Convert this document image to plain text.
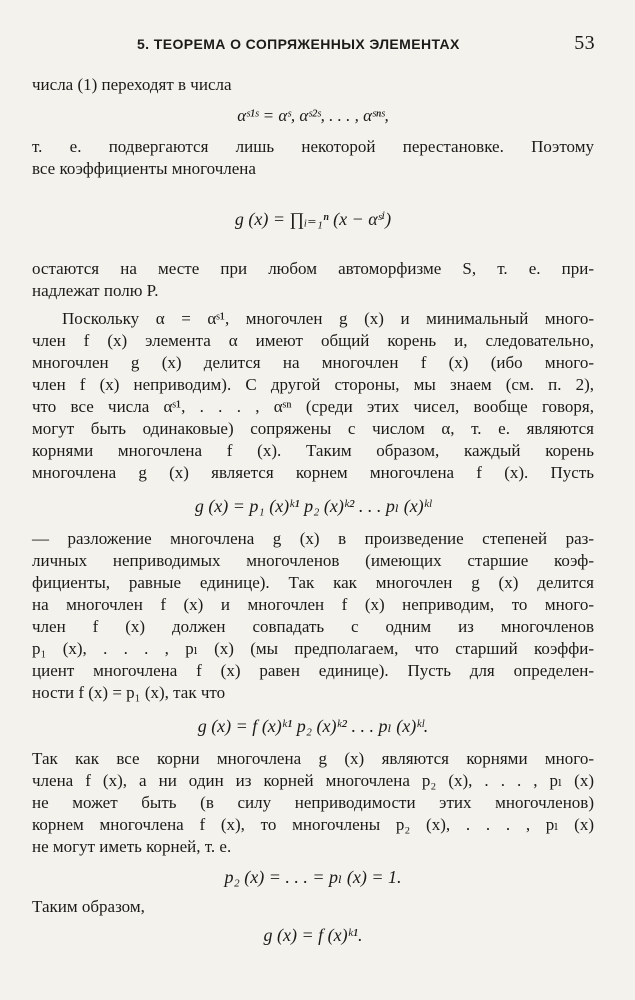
5. ТЕОРЕМА О СОПРЯЖЕННЫХ ЭЛЕМЕНТАХ	53
числа (1) переходят в числа
αˢ¹ˢ = αˢ, αˢ²ˢ, . . . , αˢⁿˢ,
т. е. подвергаются лишь некоторой перестановке. Поэтому
все коэффициенты многочлена
g (x) = ∏ᵢ₌₁ⁿ (x − αˢⁱ)
остаются на месте при любом автоморфизме S, т. е. при-
надлежат полю P.
Поскольку α = αˢ¹, многочлен g (x) и минимальный много-
член f (x) элемента α имеют общий корень и, следовательно,
многочлен g (x) делится на многочлен f (x) (ибо много-
член f (x) неприводим). С другой стороны, мы знаем (см. п. 2),
что все числа αˢ¹, . . . , αˢⁿ (среди этих чисел, вообще говоря,
могут быть одинаковые) сопряжены с числом α, т. е. являются
корнями многочлена f (x). Таким образом, каждый корень
многочлена g (x) является корнем многочлена f (x). Пусть
g (x) = p₁ (x)ᵏ¹ p₂ (x)ᵏ² . . . pₗ (x)ᵏˡ
— разложение многочлена g (x) в произведение степеней раз-
личных неприводимых многочленов (имеющих старшие коэф-
фициенты, равные единице). Так как многочлен g (x) делится
на многочлен f (x) и многочлен f (x) неприводим, то много-
член f (x) должен совпадать с одним из многочленов
p₁ (x), . . . , pₗ (x) (мы предполагаем, что старший коэффи-
циент многочлена f (x) равен единице). Пусть для определен-
ности f (x) = p₁ (x), так что
g (x) = f (x)ᵏ¹ p₂ (x)ᵏ² . . . pₗ (x)ᵏˡ.
Так как все корни многочлена g (x) являются корнями много-
члена f (x), а ни один из корней многочлена p₂ (x), . . . , pₗ (x)
не может быть (в силу неприводимости этих многочленов)
корнем многочлена f (x), то многочлены p₂ (x), . . . , pₗ (x)
не могут иметь корней, т. е.
p₂ (x) = . . . = pₗ (x) = 1.
Таким образом,
g (x) = f (x)ᵏ¹.
